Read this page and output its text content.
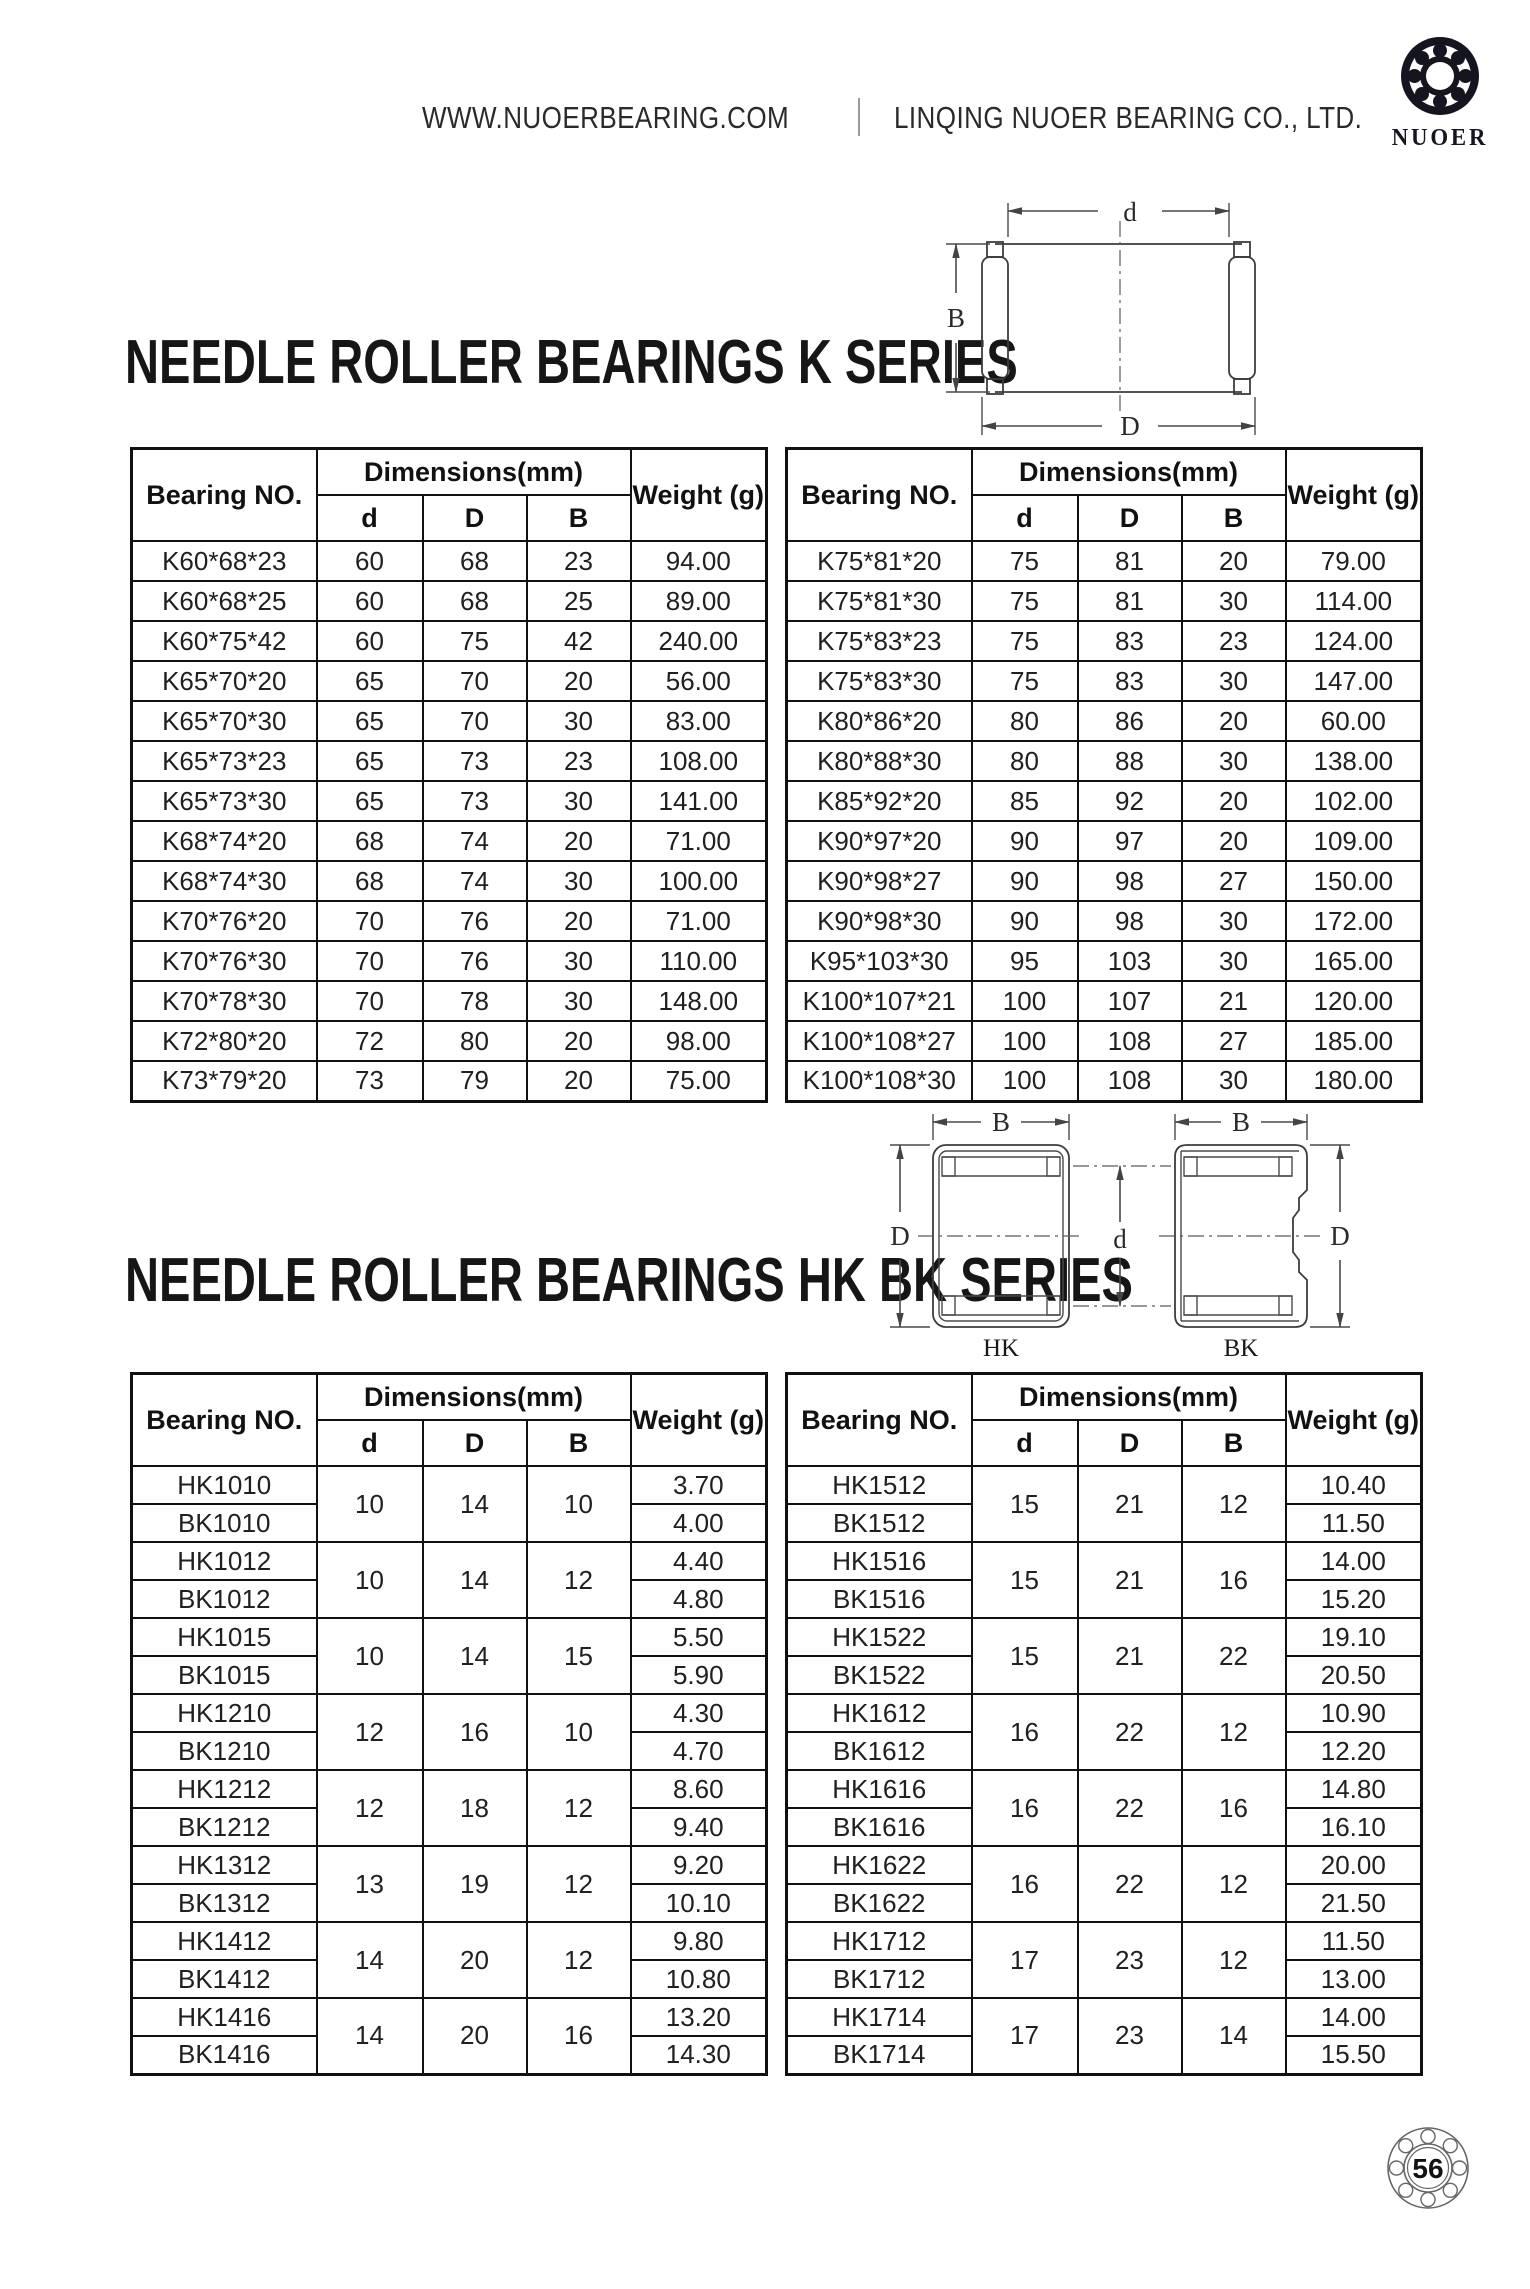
WWW.NUOERBEARING.COM	LINQING NUOER BEARING CO., LTD.
NUOER
NEEDLE ROLLER BEARINGS K SERIES
d
B
D
Bearing NO.	Dimensions(mm)			Weight (g)
	d	D	B	
K60*68*23	60	68	23	94.00
K60*68*25	60	68	25	89.00
K60*75*42	60	75	42	240.00
K65*70*20	65	70	20	56.00
K65*70*30	65	70	30	83.00
K65*73*23	65	73	23	108.00
K65*73*30	65	73	30	141.00
K68*74*20	68	74	20	71.00
K68*74*30	68	74	30	100.00
K70*76*20	70	76	20	71.00
K70*76*30	70	76	30	110.00
K70*78*30	70	78	30	148.00
K72*80*20	72	80	20	98.00
K73*79*20	73	79	20	75.00
Bearing NO.	Dimensions(mm)			Weight (g)
	d	D	B	
K75*81*20	75	81	20	79.00
K75*81*30	75	81	30	114.00
K75*83*23	75	83	23	124.00
K75*83*30	75	83	30	147.00
K80*86*20	80	86	20	60.00
K80*88*30	80	88	30	138.00
K85*92*20	85	92	20	102.00
K90*97*20	90	97	20	109.00
K90*98*27	90	98	27	150.00
K90*98*30	90	98	30	172.00
K95*103*30	95	103	30	165.00
K100*107*21	100	107	21	120.00
K100*108*27	100	108	27	185.00
K100*108*30	100	108	30	180.00
NEEDLE ROLLER BEARINGS HK BK SERIES
B	B
D	D
d
HK	BK
Bearing NO.	Dimensions(mm)			Weight (g)
	d	D	B	
HK1010	10	14	10	3.70
BK1010				4.00
HK1012	10	14	12	4.40
BK1012				4.80
HK1015	10	14	15	5.50
BK1015				5.90
HK1210	12	16	10	4.30
BK1210				4.70
HK1212	12	18	12	8.60
BK1212				9.40
HK1312	13	19	12	9.20
BK1312				10.10
HK1412	14	20	12	9.80
BK1412				10.80
HK1416	14	20	16	13.20
BK1416				14.30
Bearing NO.	Dimensions(mm)			Weight (g)
	d	D	B	
HK1512	15	21	12	10.40
BK1512				11.50
HK1516	15	21	16	14.00
BK1516				15.20
HK1522	15	21	22	19.10
BK1522				20.50
HK1612	16	22	12	10.90
BK1612				12.20
HK1616	16	22	16	14.80
BK1616				16.10
HK1622	16	22	12	20.00
BK1622				21.50
HK1712	17	23	12	11.50
BK1712				13.00
HK1714	17	23	14	14.00
BK1714				15.50
56
